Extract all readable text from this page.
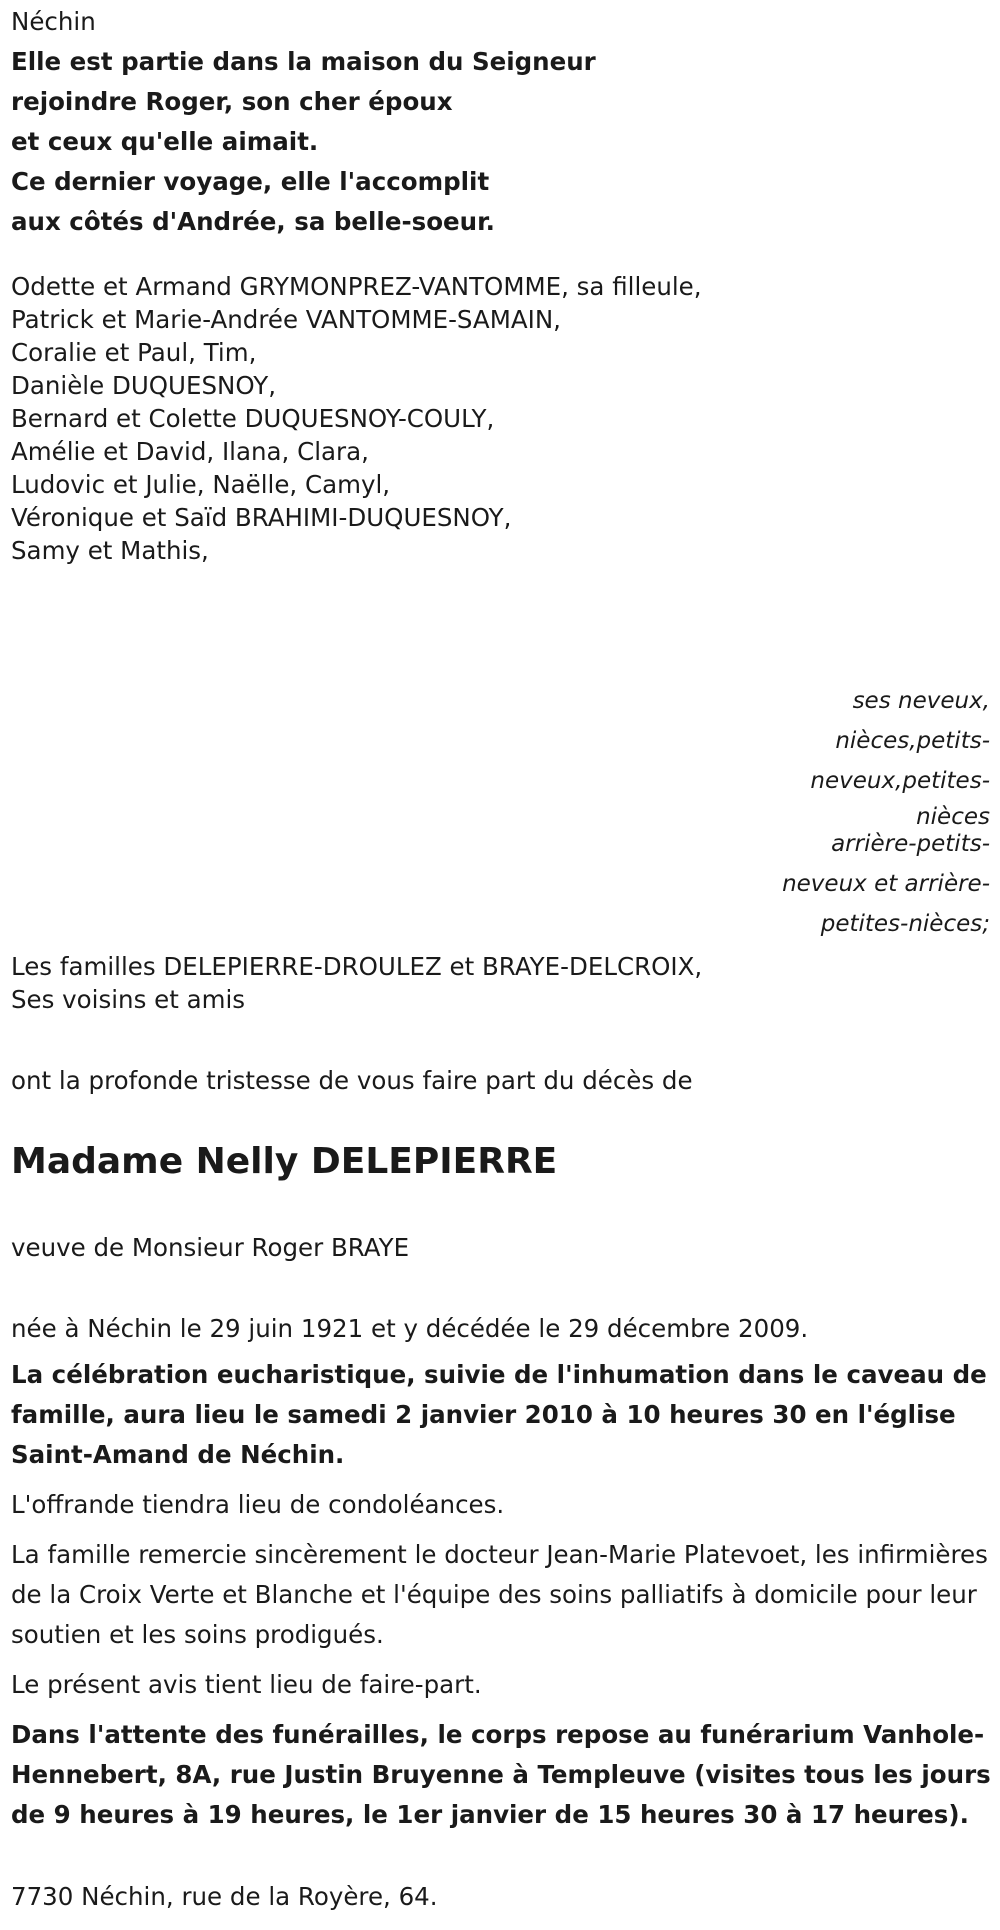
Néchin
Elle est partie dans la maison du Seigneur
rejoindre Roger, son cher époux
et ceux qu'elle aimait.
Ce dernier voyage, elle l'accomplit
aux côtés d'Andrée, sa belle-soeur.
Odette et Armand GRYMONPREZ-VANTOMME, sa filleule,
Patrick et Marie-Andrée VANTOMME-SAMAIN,
Coralie et Paul, Tim,
Danièle DUQUESNOY,
Bernard et Colette DUQUESNOY-COULY,
Amélie et David, Ilana, Clara,
Ludovic et Julie, Naëlle, Camyl,
Véronique et Saïd BRAHIMI-DUQUESNOY,
Samy et Mathis,
ses neveux,
nièces,petits-
neveux,petites-
nièces
arrière-petits-
neveux et arrière-
petites-nièces;
Les familles DELEPIERRE-DROULEZ et BRAYE-DELCROIX,
Ses voisins et amis
ont la profonde tristesse de vous faire part du décès de
Madame Nelly DELEPIERRE
veuve de Monsieur Roger BRAYE
née à Néchin le 29 juin 1921 et y décédée le 29 décembre 2009.
La célébration eucharistique, suivie de l'inhumation dans le caveau de famille, aura lieu le samedi 2 janvier 2010 à 10 heures 30 en l'église Saint-Amand de Néchin.
L'offrande tiendra lieu de condoléances.
La famille remercie sincèrement le docteur Jean-Marie Platevoet, les infirmières de la Croix Verte et Blanche et l'équipe des soins palliatifs à domicile pour leur soutien et les soins prodigués.
Le présent avis tient lieu de faire-part.
Dans l'attente des funérailles, le corps repose au funérarium Vanhole-Hennebert, 8A, rue Justin Bruyenne à Templeuve (visites tous les jours de 9 heures à 19 heures, le 1er janvier de 15 heures 30 à 17 heures).
7730 Néchin, rue de la Royère, 64.
